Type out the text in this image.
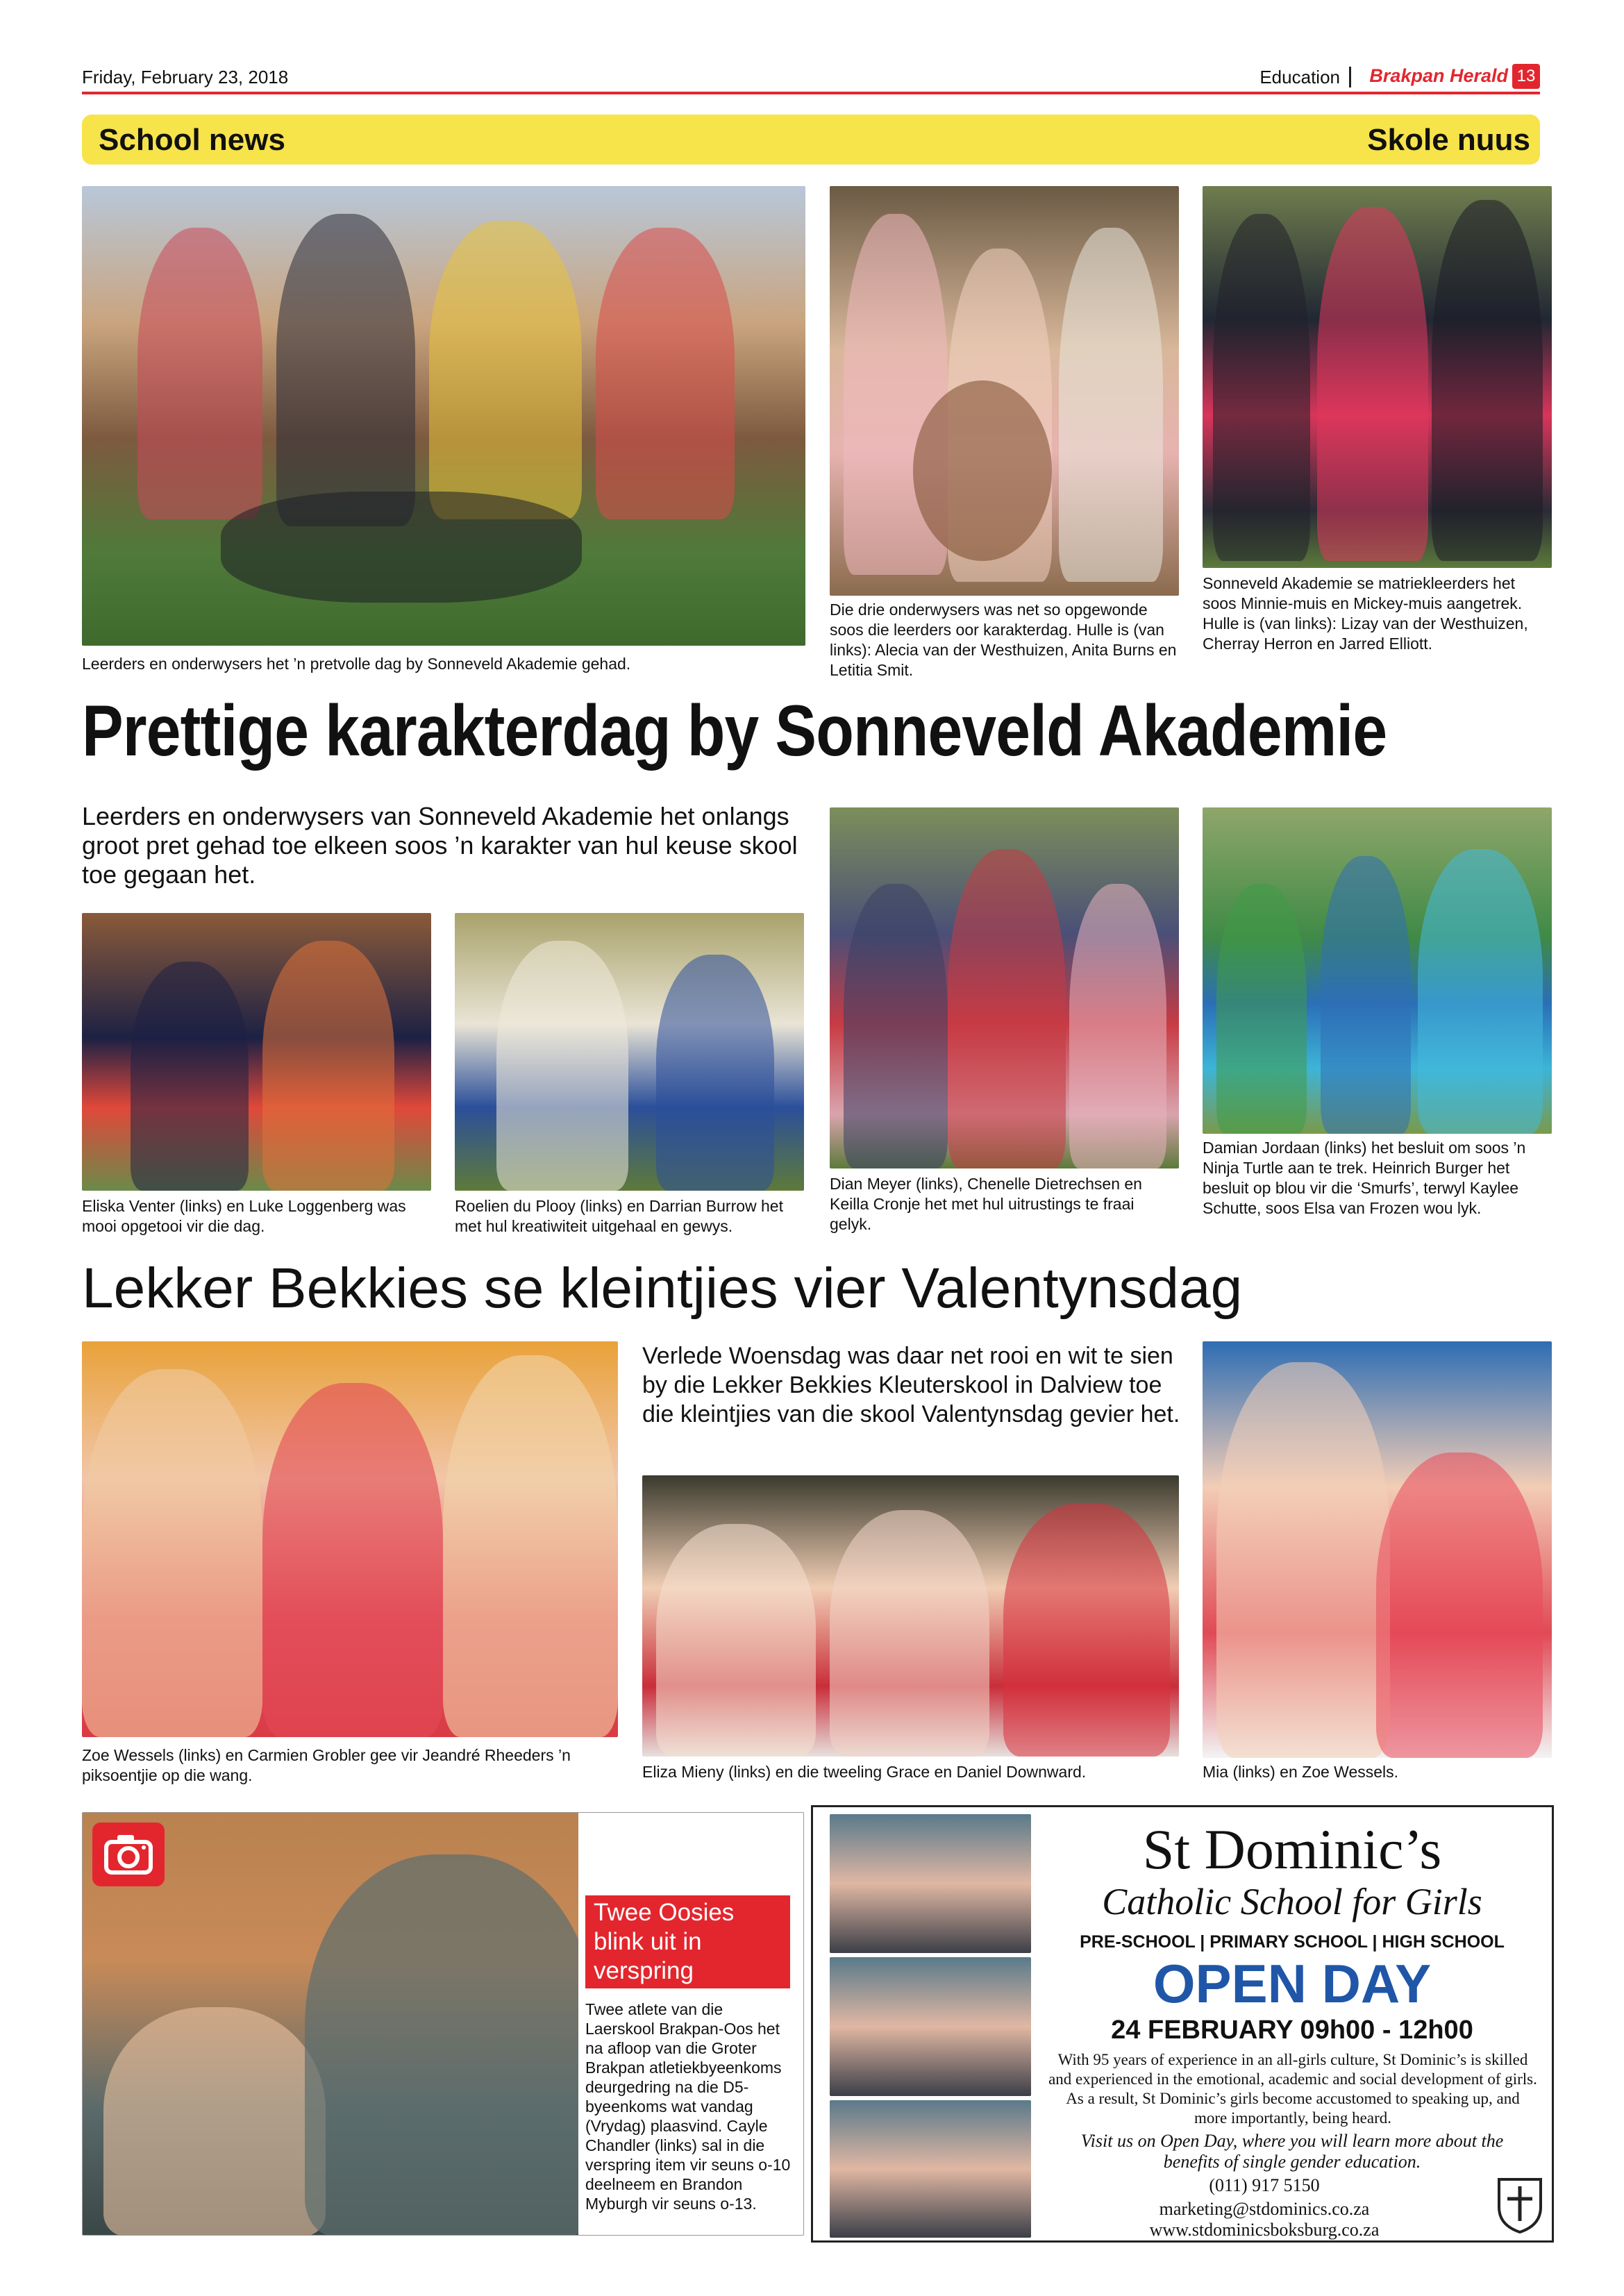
Friday, February 23, 2018	Education Brakpan Herald 13
School news	Skole nuus
Leerders en onderwysers het ’n pretvolle dag by Sonneveld Akademie gehad.
Die drie onderwysers was net so opgewonde soos die leerders oor karakterdag. Hulle is (van links): Alecia van der Westhuizen, Anita Burns en Letitia Smit.
Sonneveld Akademie se matriekleerders het soos Minnie-muis en Mickey-muis aangetrek. Hulle is (van links): Lizay van der Westhuizen, Cherray Herron en Jarred Elliott.
Prettige karakterdag by Sonneveld Akademie

Leerders en onderwysers van Sonneveld Akademie het onlangs groot pret gehad toe elkeen soos ’n karakter van hul keuse skool toe gegaan het.

Eliska Venter (links) en Luke Loggenberg was mooi opgetooi vir die dag.
Roelien du Plooy (links) en Darrian Burrow het met hul kreatiwiteit uitgehaal en gewys.
Dian Meyer (links), Chenelle Dietrechsen en Keilla Cronje het met hul uitrustings te fraai gelyk.
Damian Jordaan (links) het besluit om soos ’n Ninja Turtle aan te trek. Heinrich Burger het besluit op blou vir die ‘Smurfs’, terwyl Kaylee Schutte, soos Elsa van Frozen wou lyk.
Lekker Bekkies se kleintjies vier Valentynsdag
Zoe Wessels (links) en Carmien Grobler gee vir Jeandré Rheeders ’n piksoentjie op die wang.

Verlede Woensdag was daar net rooi en wit te sien by die Lekker Bekkies Kleuterskool in Dalview toe die kleintjies van die skool Valentynsdag gevier het.

Eliza Mieny (links) en die tweeling Grace en Daniel Downward.	Mia (links) en Zoe Wessels.
Twee Oosies blink uit in verspring

Twee atlete van die Laerskool Brakpan-Oos het na afloop van die Groter Brakpan atletiekbyeenkoms deurgedring na die D5-byeenkoms wat vandag (Vrydag) plaasvind. Cayle Chandler (links) sal in die verspring item vir seuns o-10 deelneem en Brandon Myburgh vir seuns o-13.

St Dominic’s
Catholic School for Girls
PRE-SCHOOL | PRIMARY SCHOOL | HIGH SCHOOL
OPEN DAY
24 FEBRUARY 09h00 - 12h00
With 95 years of experience in an all-girls culture, St Dominic’s is skilled and experienced in the emotional, academic and social development of girls. As a result, St Dominic’s girls become accustomed to speaking up, and more importantly, being heard.
Visit us on Open Day, where you will learn more about the benefits of single gender education.
(011) 917 5150
marketing@stdominics.co.za
www.stdominicsboksburg.co.za
